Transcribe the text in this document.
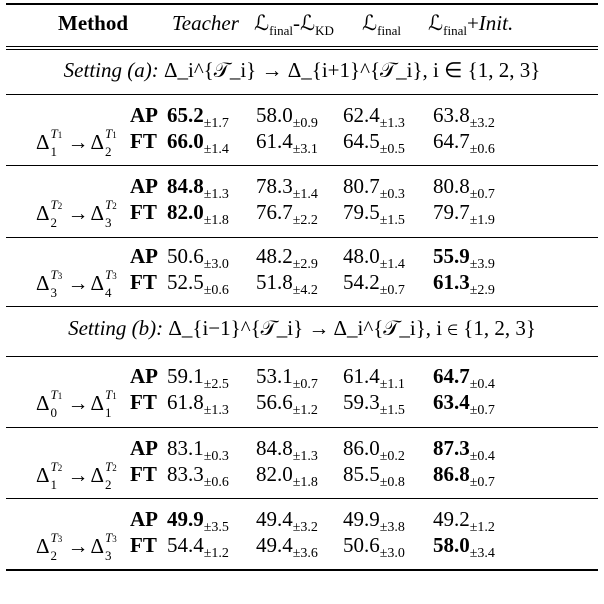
Method Teacher ℒ$_{final}$-ℒ$_{KD}$ ℒ$_{final}$ ℒ$_{final}$+Init.
Setting (a): Δ_i^{𝒯_i} → Δ_{i+1}^{𝒯_i}, i ∈ {1, 2, 3}
Δ T1
1 →Δ T1
2
AP $65.2_{\pm 1.7}$ $58.0_{\pm 0.9}$ $62.4_{\pm 1.3}$ $63.8_{\pm 3.2}$
FT $66.0_{\pm 1.4}$ $61.4_{\pm 3.1}$ $64.5_{\pm 0.5}$ $64.7_{\pm 0.6}$
Δ T2
2 →Δ T2
3
AP $84.8_{\pm 1.3}$ $78.3_{\pm 1.4}$ $80.7_{\pm 0.3}$ $80.8_{\pm 0.7}$
FT $82.0_{\pm 1.8}$ $76.7_{\pm 2.2}$ $79.5_{\pm 1.5}$ $79.7_{\pm 1.9}$
Δ T3
3 →Δ T3
4
AP $50.6_{\pm 3.0}$ $48.2_{\pm 2.9}$ $48.0_{\pm 1.4}$ $55.9_{\pm 3.9}$
FT $52.5_{\pm 0.6}$ $51.8_{\pm 4.2}$ $54.2_{\pm 0.7}$ $61.3_{\pm 2.9}$
Setting (b): Δ_{i−1}^{𝒯_i} → Δ_i^{𝒯_i}, i ∈ {1, 2, 3}
Δ T1
0 →Δ T1
1
AP $59.1_{\pm 2.5}$ $53.1_{\pm 0.7}$ $61.4_{\pm 1.1}$ $64.7_{\pm 0.4}$
FT $61.8_{\pm 1.3}$ $56.6_{\pm 1.2}$ $59.3_{\pm 1.5}$ $63.4_{\pm 0.7}$
Δ T2
1 →Δ T2
2
AP $83.1_{\pm 0.3}$ $84.8_{\pm 1.3}$ $86.0_{\pm 0.2}$ $87.3_{\pm 0.4}$
FT $83.3_{\pm 0.6}$ $82.0_{\pm 1.8}$ $85.5_{\pm 0.8}$ $86.8_{\pm 0.7}$
Δ T3
2 →Δ T3
3
AP $49.9_{\pm 3.5}$ $49.4_{\pm 3.2}$ $49.9_{\pm 3.8}$ $49.2_{\pm 1.2}$
FT $54.4_{\pm 1.2}$ $49.4_{\pm 3.6}$ $50.6_{\pm 3.0}$ $58.0_{\pm 3.4}$
